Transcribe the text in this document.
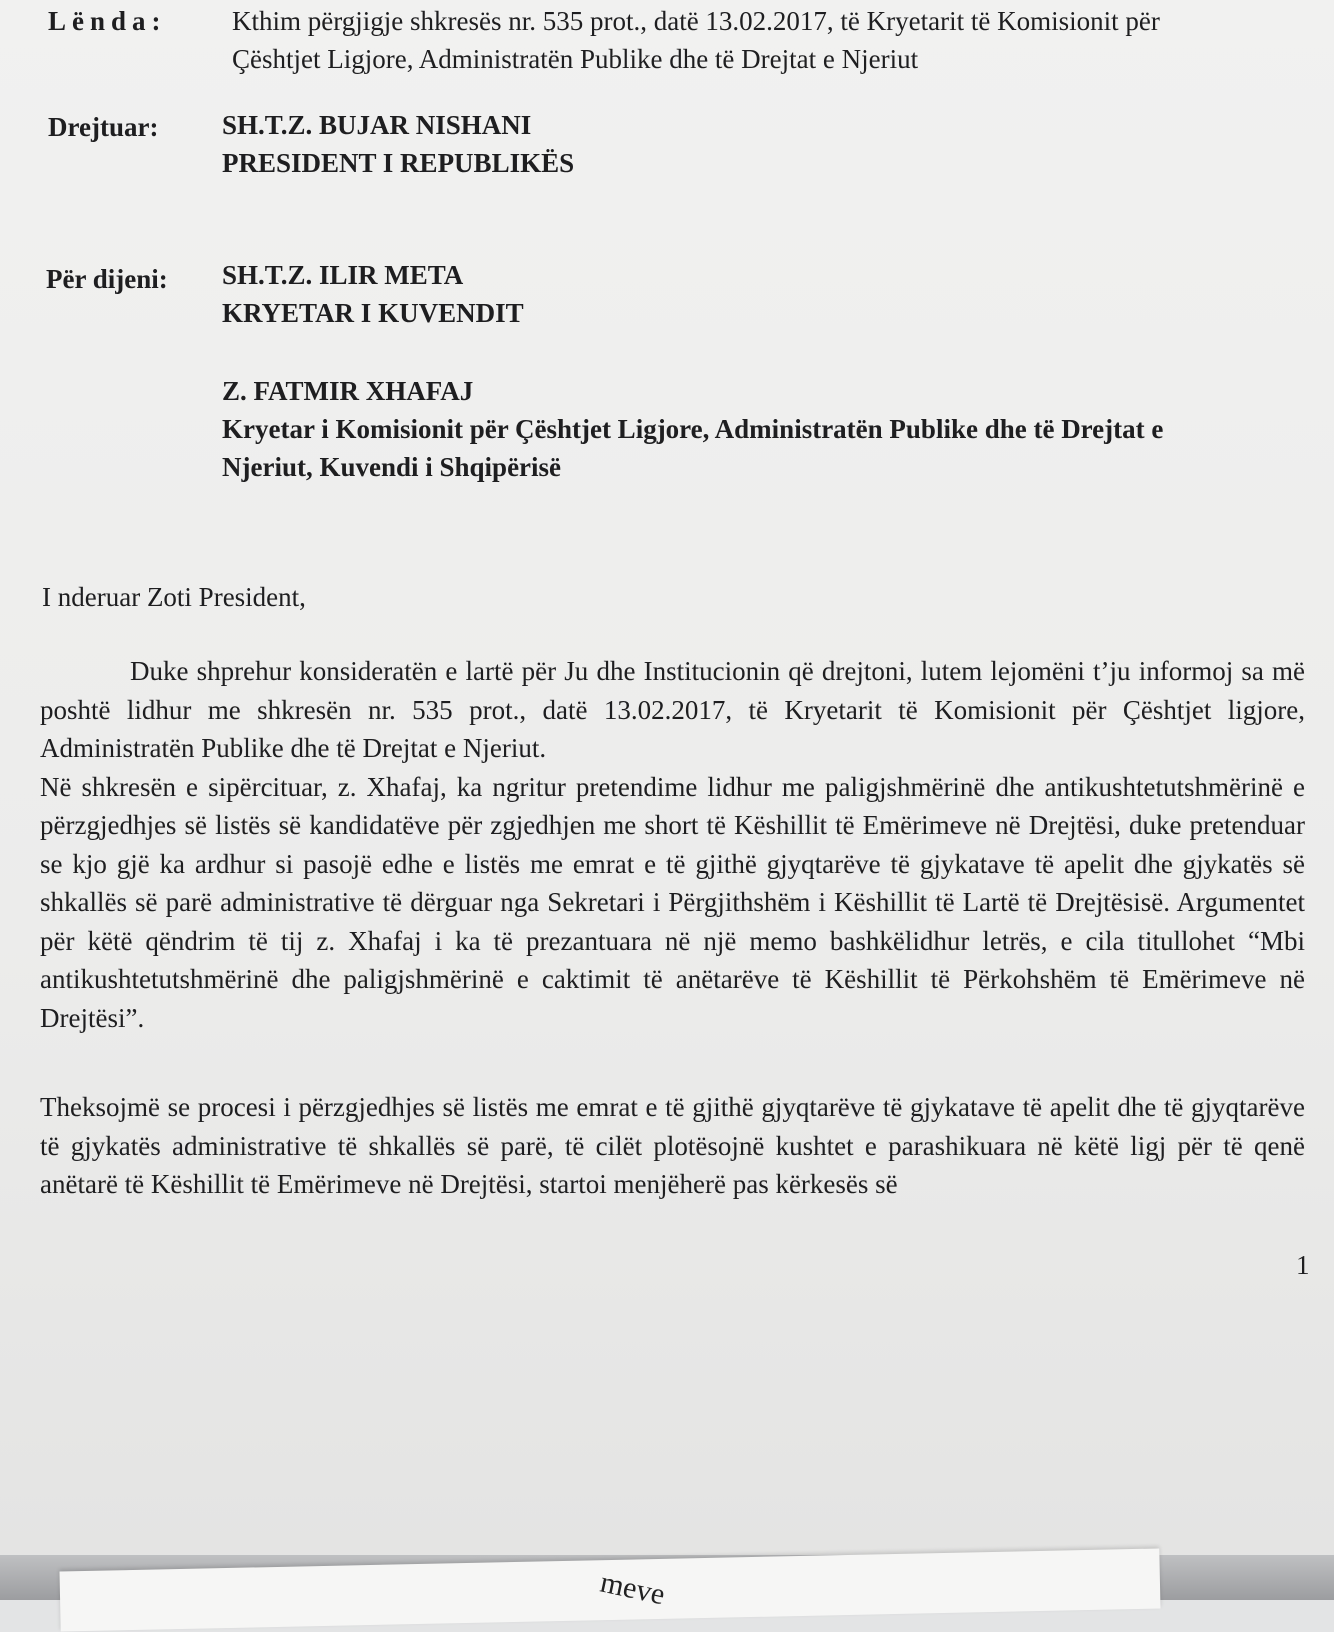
Lënda: Kthim përgjigje shkresës nr. 535 prot., datë 13.02.2017, të Kryetarit të Komisionit për
Çështjet Ligjore, Administratën Publike dhe të Drejtat e Njeriut
Drejtuar: SH.T.Z. BUJAR NISHANI
PRESIDENT I REPUBLIKËS
Për dijeni: SH.T.Z. ILIR META
KRYETAR I KUVENDIT
Z. FATMIR XHAFAJ
Kryetar i Komisionit për Çështjet Ligjore, Administratën Publike dhe të Drejtat e
Njeriut, Kuvendi i Shqipërisë
I nderuar Zoti President,

Duke shprehur konsideratën e lartë për Ju dhe Institucionin që drejtoni, lutem lejomëni t’ju informoj sa më poshtë lidhur me shkresën nr. 535 prot., datë 13.02.2017, të Kryetarit të Komisionit për Çështjet ligjore, Administratën Publike dhe të Drejtat e Njeriut.

Në shkresën e sipërcituar, z. Xhafaj, ka ngritur pretendime lidhur me paligjshmërinë dhe antikushtetutshmërinë e përzgjedhjes së listës së kandidatëve për zgjedhjen me short të Këshillit të Emërimeve në Drejtësi, duke pretenduar se kjo gjë ka ardhur si pasojë edhe e listës me emrat e të gjithë gjyqtarëve të gjykatave të apelit dhe gjykatës së shkallës së parë administrative të dërguar nga Sekretari i Përgjithshëm i Këshillit të Lartë të Drejtësisë. Argumentet për këtë qëndrim të tij z. Xhafaj i ka të prezantuara në një memo bashkëlidhur letrës, e cila titullohet “Mbi antikushtetutshmërinë dhe paligjshmërinë e caktimit të anëtarëve të Këshillit të Përkohshëm të Emërimeve në Drejtësi”.

Theksojmë se procesi i përzgjedhjes së listës me emrat e të gjithë gjyqtarëve të gjykatave të apelit dhe të gjyqtarëve të gjykatës administrative të shkallës së parë, të cilët plotësojnë kushtet e parashikuara në këtë ligj për të qenë anëtarë të Këshillit të Emërimeve në Drejtësi, startoi menjëherë pas kërkesës së

1
meve
